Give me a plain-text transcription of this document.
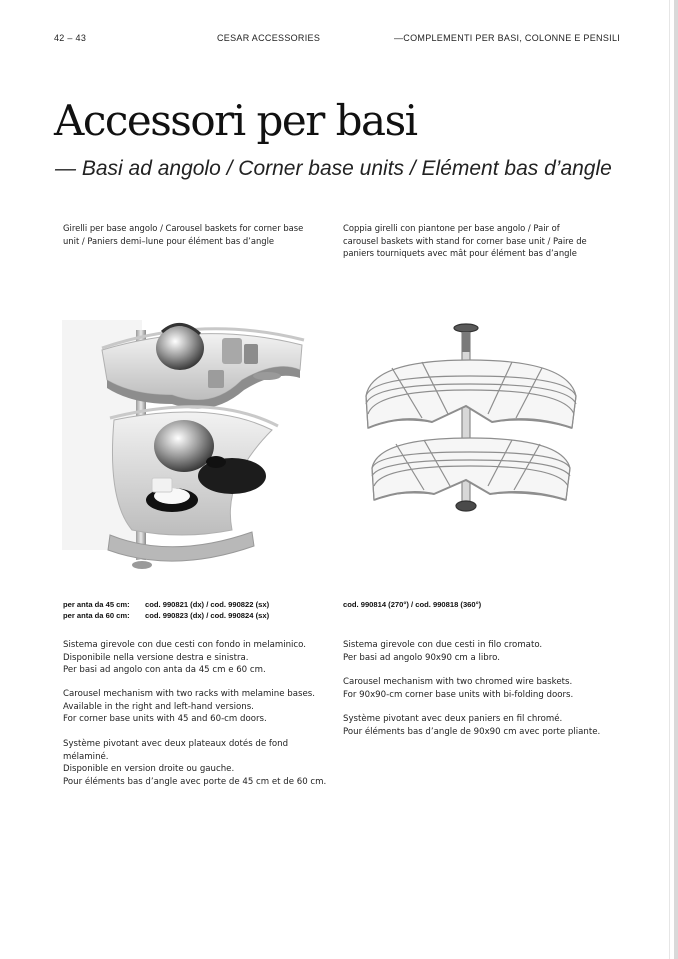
42 – 43	CESAR ACCESSORIES	—COMPLEMENTI PER BASI, COLONNE E PENSILI
Accessori per basi

— Basi ad angolo / Corner base units / Elément bas d’angle

Girelli per base angolo / Carousel baskets for corner base
unit / Paniers demi–lune pour élément bas d’angle
Coppia girelli con piantone per base angolo / Pair of
carousel baskets with stand for corner base unit / Paire de
paniers tourniquets avec mât pour élément bas d’angle
per anta da 45 cm: cod. 990821 (dx) / cod. 990822 (sx)
per anta da 60 cm: cod. 990823 (dx) / cod. 990824 (sx)
cod. 990814 (270°) / cod. 990818 (360°)
Sistema girevole con due cesti con fondo in melaminico.
Disponibile nella versione destra e sinistra.
Per basi ad angolo con anta da 45 cm e 60 cm.
Carousel mechanism with two racks with melamine bases.
Available in the right and left-hand versions.
For corner base units with 45 and 60-cm doors.
Système pivotant avec deux plateaux dotés de fond
mélaminé.
Disponible en version droite ou gauche.
Pour éléments bas d’angle avec porte de 45 cm et de 60 cm.
Sistema girevole con due cesti in filo cromato.
Per basi ad angolo 90x90 cm a libro.
Carousel mechanism with two chromed wire baskets.
For 90x90-cm corner base units with bi-folding doors.
Système pivotant avec deux paniers en fil chromé.
Pour éléments bas d’angle de 90x90 cm avec porte pliante.
